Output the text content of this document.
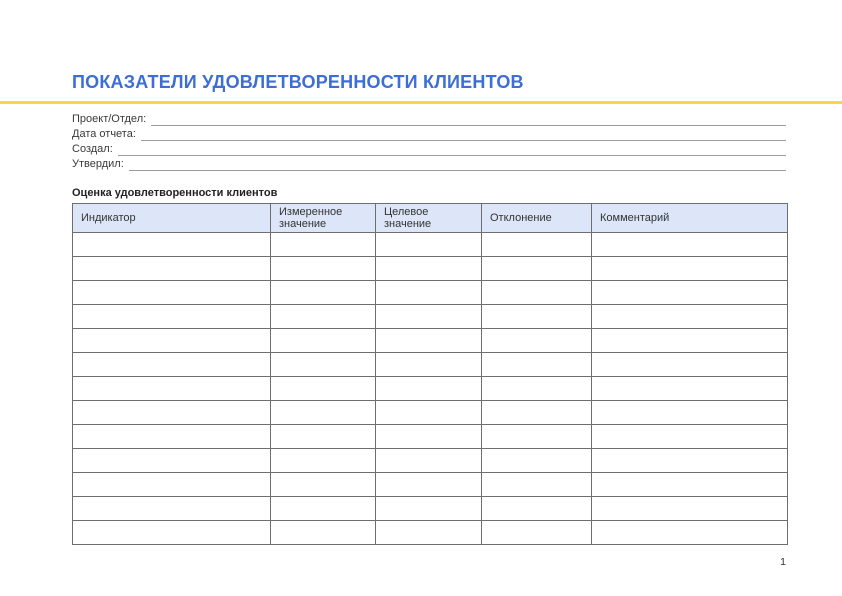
ПОКАЗАТЕЛИ УДОВЛЕТВОРЕННОСТИ КЛИЕНТОВ
Проект/Отдел:
Дата отчета:
Создал:
Утвердил:
Оценка удовлетворенности клиентов
Индикатор	Измеренное значение	Целевое значение	Отклонение	Комментарий

1
